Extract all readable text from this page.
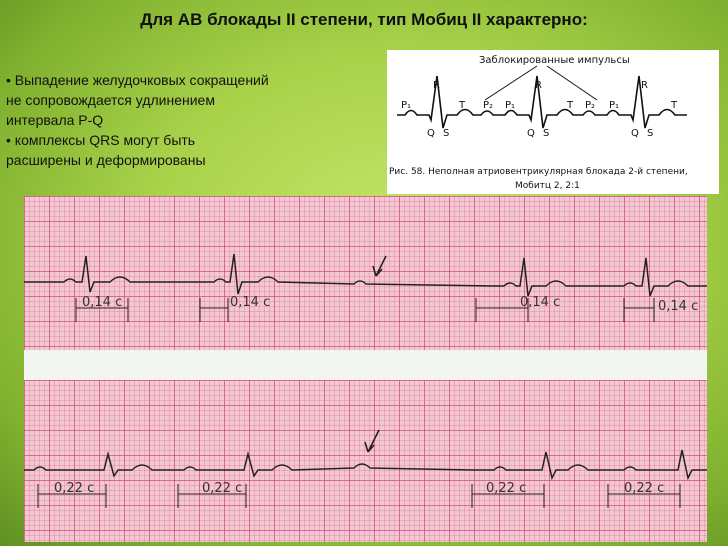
Для АВ блокады II степени, тип Мобиц II характерно:
• Выпадение желудочковых сокращений
не сопровождается удлинением
интервала P-Q
• комплексы QRS могут быть
расширены и деформированы
Заблокированные импульсы
P₁
R
T P₂ P₁
R
T P₂ P₁
R
T
Q S	Q S	Q S
Рис. 58. Неполная атриовентрикулярная блокада 2-й степени,
Мобитц 2, 2:1
0,14 с	0,14 с	0,14 с	0,14 с
0,22 с	0,22 с	0,22 с	0,22 с
